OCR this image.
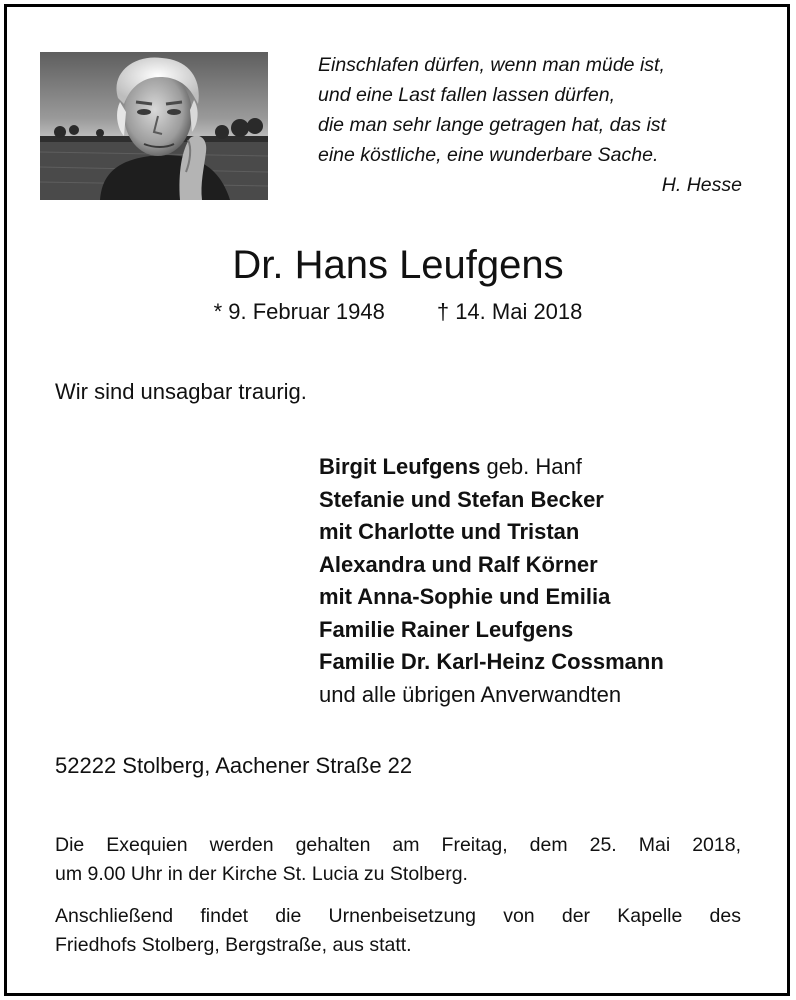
Einschlafen dürfen, wenn man müde ist,
und eine Last fallen lassen dürfen,
die man sehr lange getragen hat, das ist
eine köstliche, eine wunderbare Sache.
H. Hesse
Dr. Hans Leufgens
* 9. Februar 1948 † 14. Mai 2018
Wir sind unsagbar traurig.
Birgit Leufgens geb. Hanf
Stefanie und Stefan Becker
mit Charlotte und Tristan
Alexandra und Ralf Körner
mit Anna-Sophie und Emilia
Familie Rainer Leufgens
Familie Dr. Karl-Heinz Cossmann
und alle übrigen Anverwandten
52222 Stolberg, Aachener Straße 22
Die Exequien werden gehalten am Freitag, dem 25. Mai 2018,
um 9.00 Uhr in der Kirche St. Lucia zu Stolberg.
Anschließend findet die Urnenbeisetzung von der Kapelle des
Friedhofs Stolberg, Bergstraße, aus statt.
